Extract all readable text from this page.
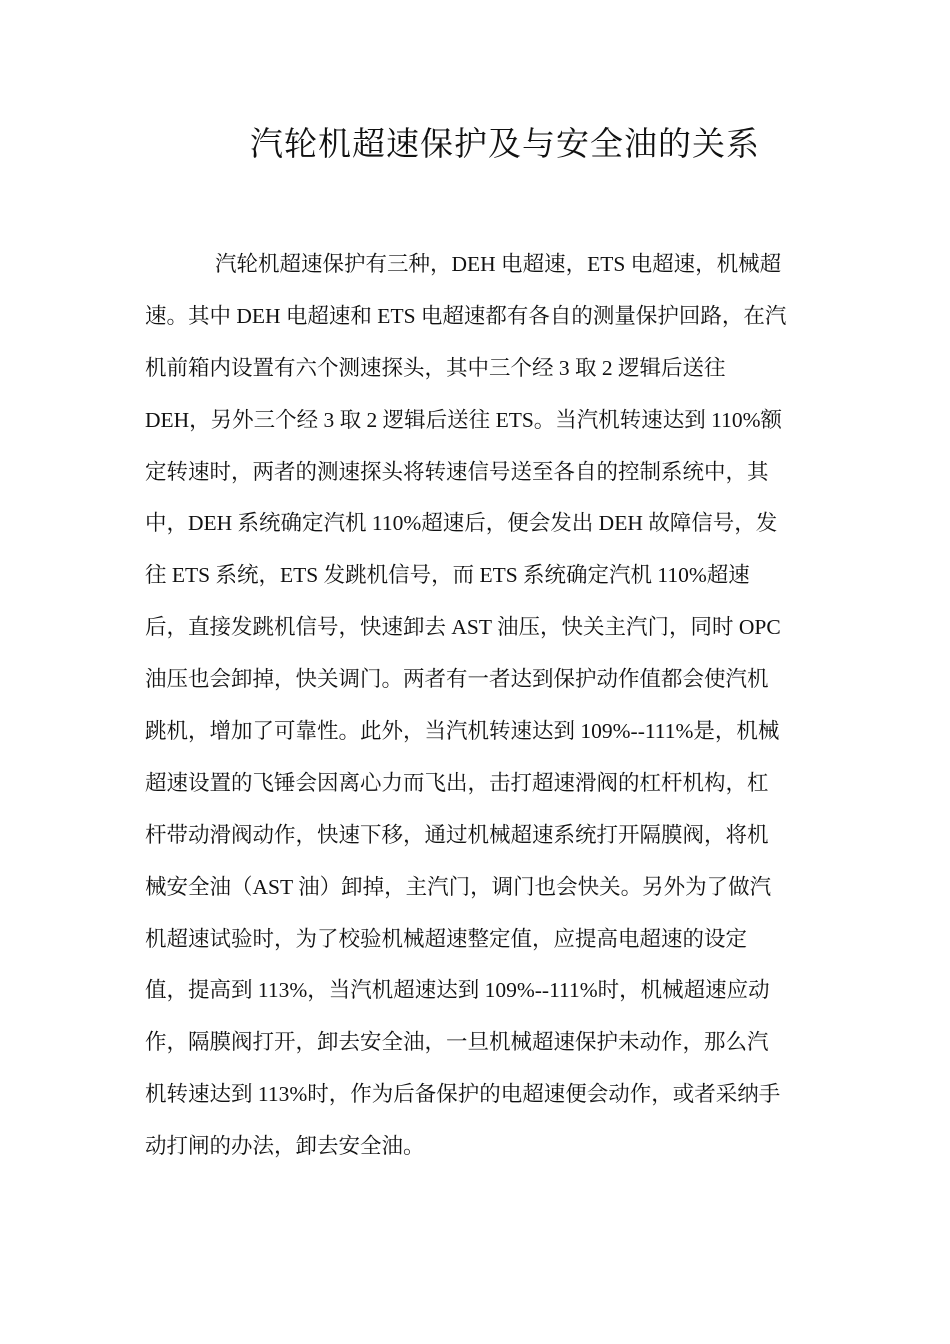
汽轮机超速保护及与安全油的关系
汽轮机超速保护有三种，DEH 电超速，ETS 电超速，机械超
速。其中 DEH 电超速和 ETS 电超速都有各自的测量保护回路，在汽
机前箱内设置有六个测速探头，其中三个经 3 取 2 逻辑后送往
DEH，另外三个经 3 取 2 逻辑后送往 ETS。当汽机转速达到 110%额
定转速时，两者的测速探头将转速信号送至各自的控制系统中，其
中，DEH 系统确定汽机 110%超速后，便会发出 DEH 故障信号，发
往 ETS 系统，ETS 发跳机信号，而 ETS 系统确定汽机 110%超速
后，直接发跳机信号，快速卸去 AST 油压，快关主汽门，同时 OPC
油压也会卸掉，快关调门。两者有一者达到保护动作值都会使汽机
跳机，增加了可靠性。此外，当汽机转速达到 109%--111%是，机械
超速设置的飞锤会因离心力而飞出，击打超速滑阀的杠杆机构，杠
杆带动滑阀动作，快速下移，通过机械超速系统打开隔膜阀，将机
械安全油（AST 油）卸掉，主汽门，调门也会快关。另外为了做汽
机超速试验时，为了校验机械超速整定值，应提高电超速的设定
值，提高到 113%，当汽机超速达到 109%--111%时，机械超速应动
作，隔膜阀打开，卸去安全油，一旦机械超速保护未动作，那么汽
机转速达到 113%时，作为后备保护的电超速便会动作，或者采纳手
动打闸的办法，卸去安全油。
